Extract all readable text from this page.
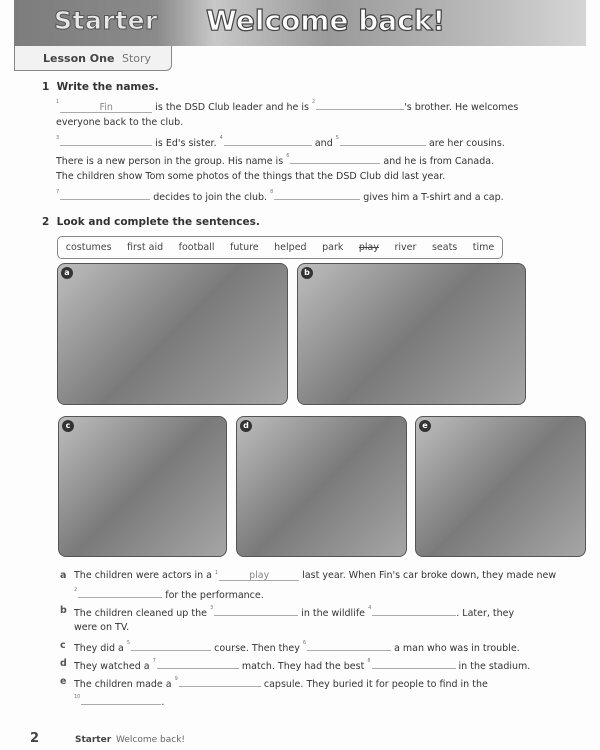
Starter Welcome back!
Lesson One Story
1 Write the names.
$^1$	Fin	is the DSD Club leader and he is $^2$	's brother. He welcomes
everyone back to the club.
$^3$	is Ed's sister. $^4$	and $^5$	are her cousins.
There is a new person in the group. His name is $^6$	and he is from Canada.
The children show Tom some photos of the things that the DSD Club did last year.
$^7$	decides to join the club. $^8$	gives him a T-shirt and a cap.
2 Look and complete the sentences.
costumes first aid football future helped park play river seats time
a	b
c	d	e
a The children were actors in a $^1$	play	last year. When Fin's car broke down, they made new
$^2$	for the performance.
b The children cleaned up the $^3$	in the wildlife $^4$	. Later, they
were on TV.
c They did a $^5$	course. Then they $^6$	a man who was in trouble.
d They watched a $^7$	match. They had the best $^8$	in the stadium.
e The children made a $^9$	capsule. They buried it for people to find in the
$^{10}$	.
2	Starter Welcome back!
